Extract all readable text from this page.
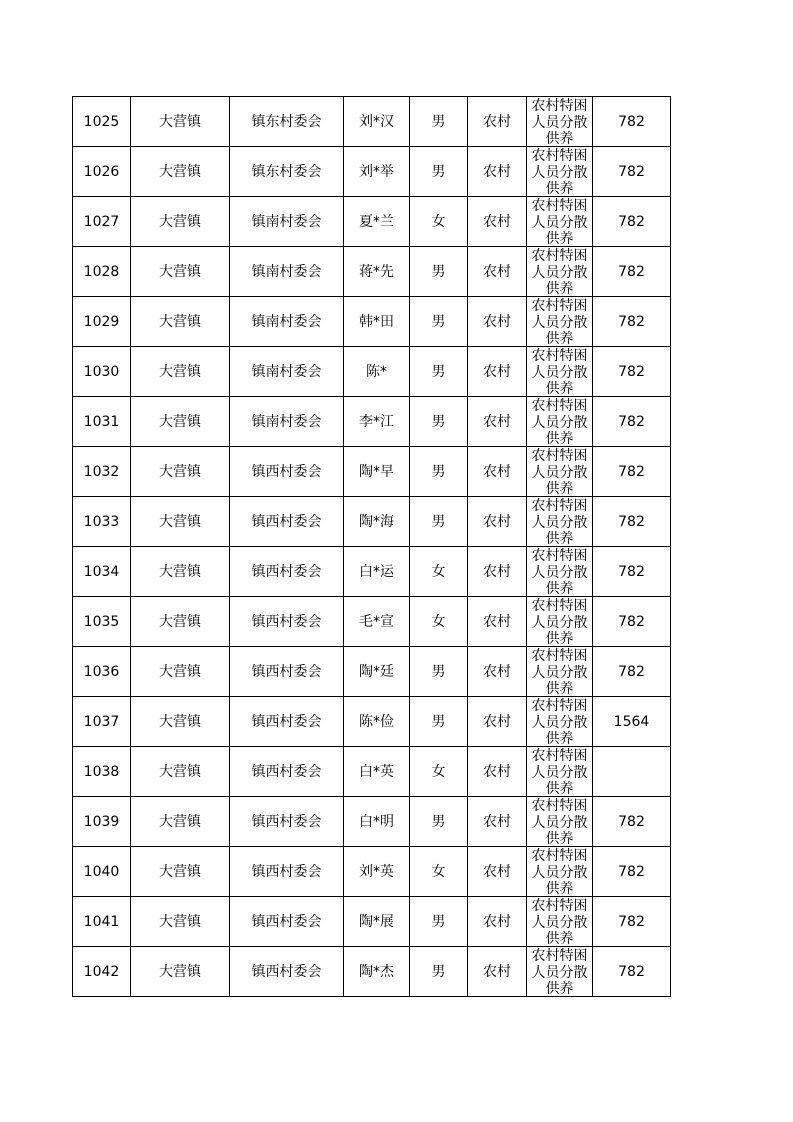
1025	大营镇	镇东村委会	刘*汉	男	农村	农村特困人员分散供养	782
1026	大营镇	镇东村委会	刘*举	男	农村	农村特困人员分散供养	782
1027	大营镇	镇南村委会	夏*兰	女	农村	农村特困人员分散供养	782
1028	大营镇	镇南村委会	蒋*先	男	农村	农村特困人员分散供养	782
1029	大营镇	镇南村委会	韩*田	男	农村	农村特困人员分散供养	782
1030	大营镇	镇南村委会	陈*	男	农村	农村特困人员分散供养	782
1031	大营镇	镇南村委会	李*江	男	农村	农村特困人员分散供养	782
1032	大营镇	镇西村委会	陶*早	男	农村	农村特困人员分散供养	782
1033	大营镇	镇西村委会	陶*海	男	农村	农村特困人员分散供养	782
1034	大营镇	镇西村委会	白*运	女	农村	农村特困人员分散供养	782
1035	大营镇	镇西村委会	毛*宣	女	农村	农村特困人员分散供养	782
1036	大营镇	镇西村委会	陶*廷	男	农村	农村特困人员分散供养	782
1037	大营镇	镇西村委会	陈*俭	男	农村	农村特困人员分散供养	1564
1038	大营镇	镇西村委会	白*英	女	农村	农村特困人员分散供养	

1039	大营镇	镇西村委会	白*明	男	农村	农村特困人员分散供养	782
1040	大营镇	镇西村委会	刘*英	女	农村	农村特困人员分散供养	782
1041	大营镇	镇西村委会	陶*展	男	农村	农村特困人员分散供养	782
1042	大营镇	镇西村委会	陶*杰	男	农村	农村特困人员分散供养	782
